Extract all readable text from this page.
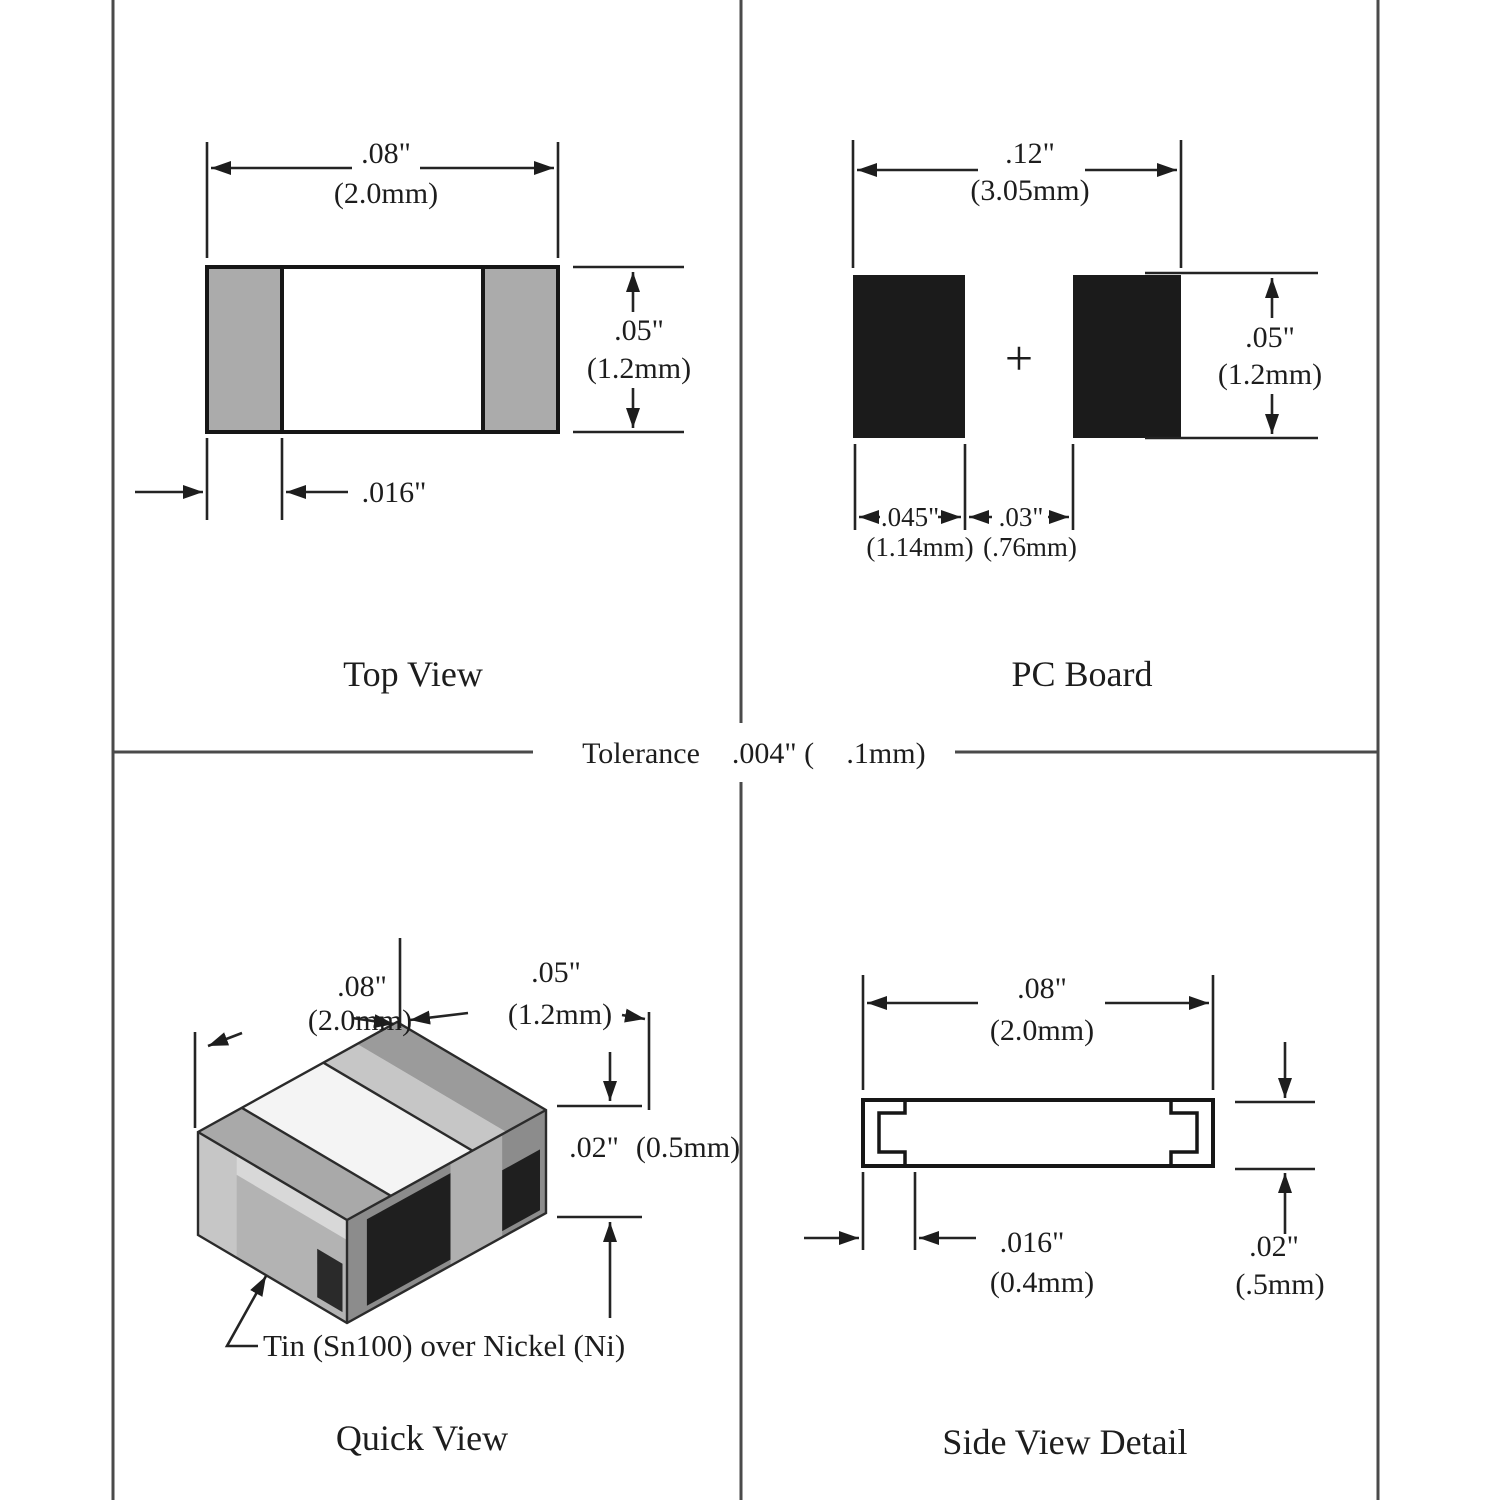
Tolerance .004" ( .1mm)
.08"
(2.0mm)
.05"
(1.2mm)
.016"
Top View
+
.12"
(3.05mm)
.05"
(1.2mm)
.045" .03"
(1.14mm) (.76mm)
PC Board
.08"
(2.0mm)
.05"
(1.2mm)
.02" (0.5mm)
Tin (Sn100) over Nickel (Ni)
Quick View
.08"
(2.0mm)
.016"
(0.4mm)
.02"
(.5mm)
Side View Detail
